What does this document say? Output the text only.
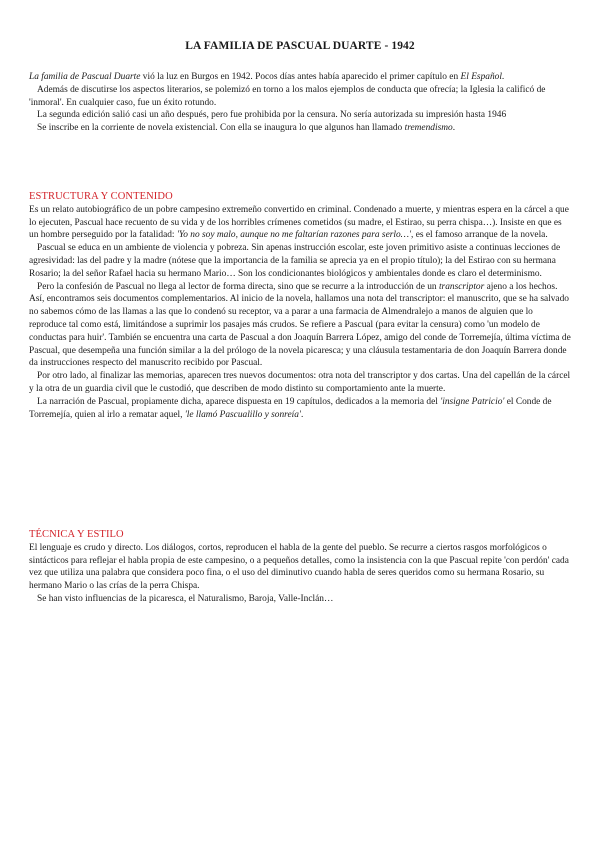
LA FAMILIA DE PASCUAL DUARTE - 1942

La familia de Pascual Duarte vió la luz en Burgos en 1942. Pocos días antes había aparecido el primer capítulo en El Español.

Además de discutirse los aspectos literarios, se polemizó en torno a los malos ejemplos de conducta que ofrecía; la Iglesia la calificó de 'inmoral'. En cualquier caso, fue un éxito rotundo.

La segunda edición salió casi un año después, pero fue prohibida por la censura. No sería autorizada su impresión hasta 1946

Se inscribe en la corriente de novela existencial. Con ella se inaugura lo que algunos han llamado tremendismo.

ESTRUCTURA Y CONTENIDO

Es un relato autobiográfico de un pobre campesino extremeño convertido en criminal. Condenado a muerte, y mientras espera en la cárcel a que lo ejecuten, Pascual hace recuento de su vida y de los horribles crímenes cometidos (su madre, el Estirao, su perra chispa…). Insiste en que es un hombre perseguido por la fatalidad: 'Yo no soy malo, aunque no me faltarían razones para serlo…', es el famoso arranque de la novela.

Pascual se educa en un ambiente de violencia y pobreza. Sin apenas instrucción escolar, este joven primitivo asiste a continuas lecciones de agresividad: las del padre y la madre (nótese que la importancia de la familia se aprecia ya en el propio título); la del Estirao con su hermana Rosario; la del señor Rafael hacia su hermano Mario… Son los condicionantes biológicos y ambientales donde es claro el determinismo.

Pero la confesión de Pascual no llega al lector de forma directa, sino que se recurre a la introducción de un transcriptor ajeno a los hechos. Así, encontramos seis documentos complementarios. Al inicio de la novela, hallamos una nota del transcriptor: el manuscrito, que se ha salvado no sabemos cómo de las llamas a las que lo condenó su receptor, va a parar a una farmacia de Almendralejo a manos de alguien que lo reproduce tal como está, limitándose a suprimir los pasajes más crudos. Se refiere a Pascual (para evitar la censura) como 'un modelo de conductas para huir'. También se encuentra una carta de Pascual a don Joaquín Barrera López, amigo del conde de Torremejía, última víctima de Pascual, que desempeña una función similar a la del prólogo de la novela picaresca; y una cláusula testamentaria de don Joaquín Barrera donde da instrucciones respecto del manuscrito recibido por Pascual.

Por otro lado, al finalizar las memorias, aparecen tres nuevos documentos: otra nota del transcriptor y dos cartas. Una del capellán de la cárcel y la otra de un guardia civil que le custodió, que describen de modo distinto su comportamiento ante la muerte.

La narración de Pascual, propiamente dicha, aparece dispuesta en 19 capítulos, dedicados a la memoria del 'insigne Patricio' el Conde de Torremejía, quien al irlo a rematar aquel, 'le llamó Pascualillo y sonreía'.

TÉCNICA Y ESTILO

El lenguaje es crudo y directo. Los diálogos, cortos, reproducen el habla de la gente del pueblo. Se recurre a ciertos rasgos morfológicos o sintácticos para reflejar el habla propia de este campesino, o a pequeños detalles, como la insistencia con la que Pascual repite 'con perdón' cada vez que utiliza una palabra que considera poco fina, o el uso del diminutivo cuando habla de seres queridos como su hermana Rosario, su hermano Mario o las crías de la perra Chispa.

Se han visto influencias de la picaresca, el Naturalismo, Baroja, Valle-Inclán…
